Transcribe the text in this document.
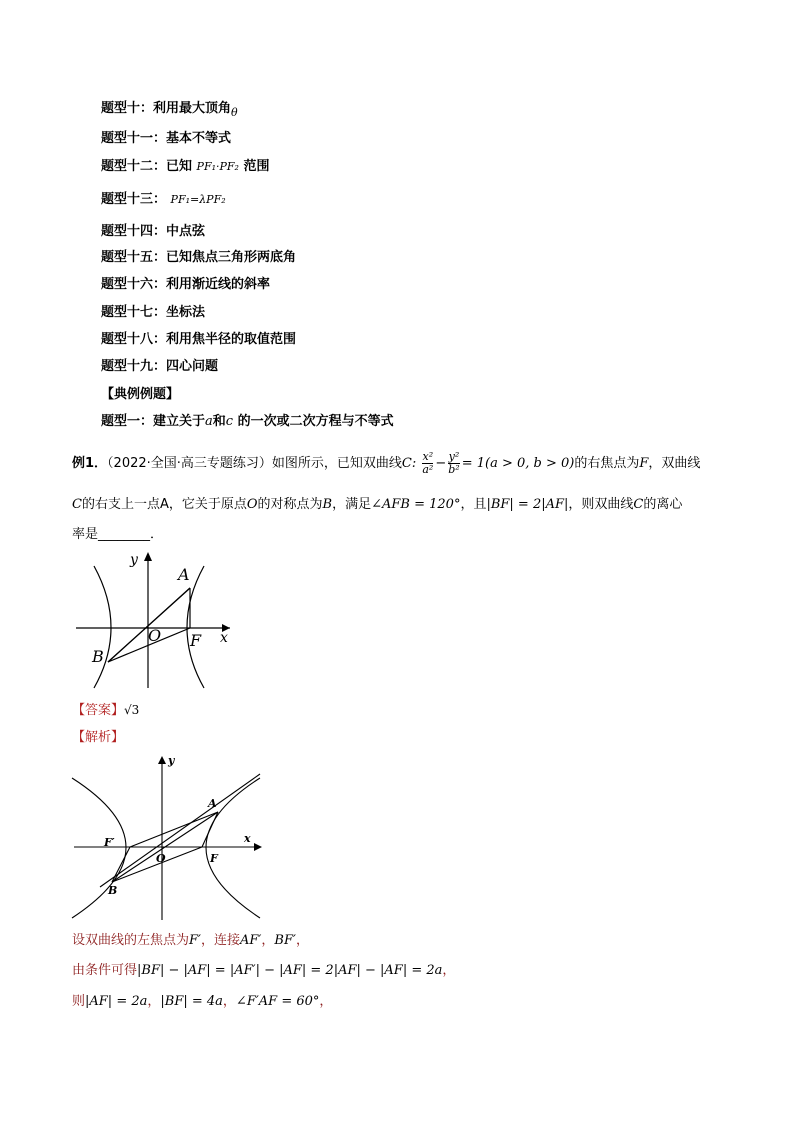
题型十：利用最大顶角$_\theta$
题型十一：基本不等式
题型十二：已知 PF₁·PF₂ 范围
题型十三： PF₁=λPF₂
题型十四：中点弦
题型十五：已知焦点三角形两底角
题型十六：利用渐近线的斜率
题型十七：坐标法
题型十八：利用焦半径的取值范围
题型十九：四心问题
【典例例题】
题型一：建立关于a和c 的一次或二次方程与不等式
例1．（2022·全国·高三专题练习）如图所示，已知双曲线C: $\frac{\text{x²}}{\text{a²}} - \frac{\text{y²}}{\text{b²}} = 1(a > 0$, b > 0)的右焦点为F，双曲线
C的右支上一点A，它关于原点O的对称点为B，满足∠AFB = 120°，且|BF| = 2|AF|，则双曲线C的离心
率是________．
y
x
A
B
O F
【答案】√3
【解析】
y
x
A
B
O	F
F′
设双曲线的左焦点为F′，连接AF′，BF′，
由条件可得|BF| − |AF| = |AF′| − |AF| = 2|AF| − |AF| = 2a，
则|AF| = 2a，|BF| = 4a，∠F′AF = 60°，
